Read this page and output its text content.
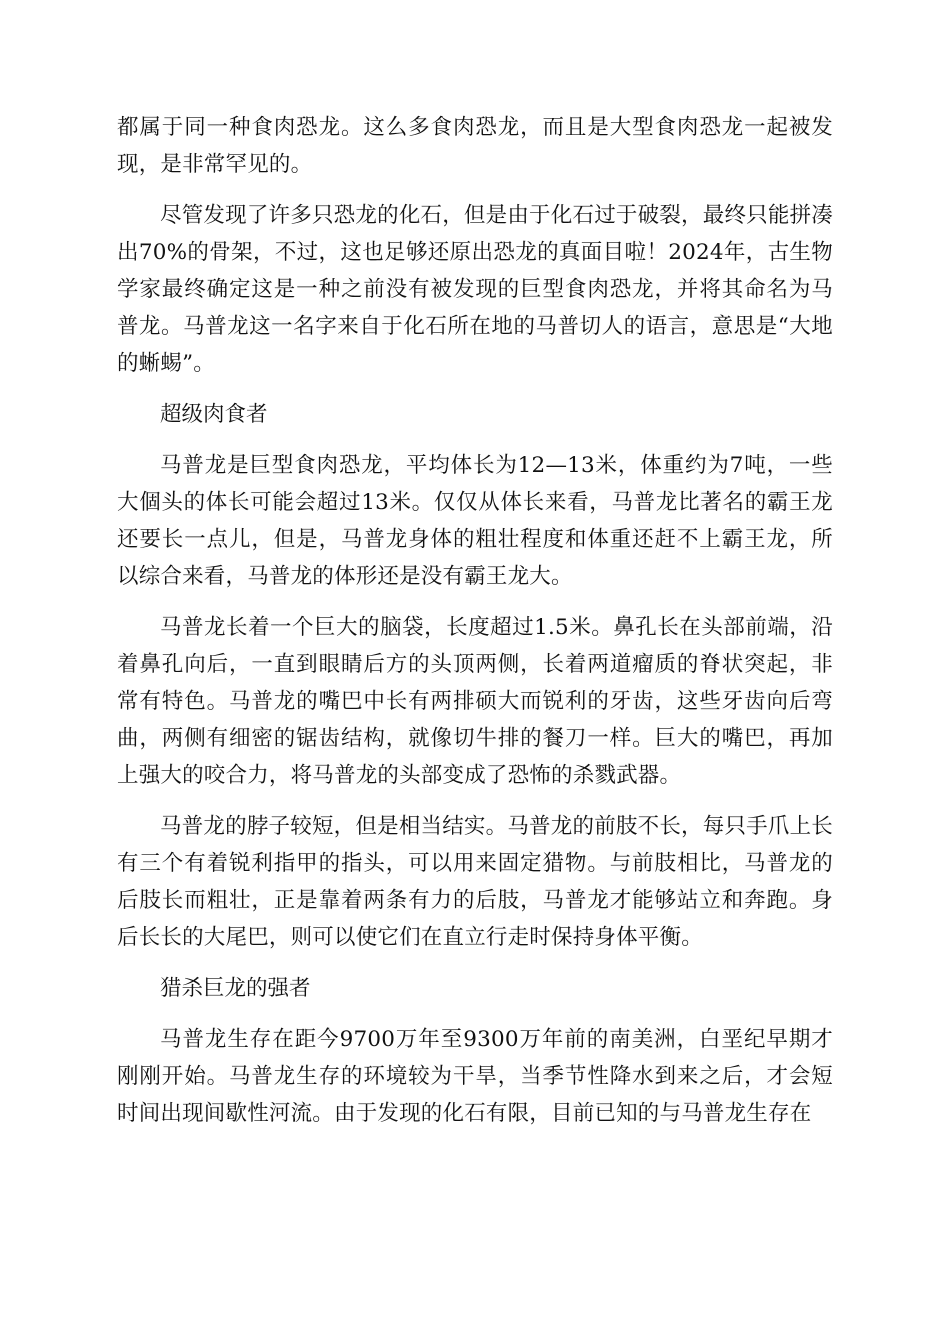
都属于同一种食肉恐龙。这么多食肉恐龙，而且是大型食肉恐龙一起被发现，是非常罕见的。

尽管发现了许多只恐龙的化石，但是由于化石过于破裂，最终只能拼凑出70%的骨架，不过，这也足够还原出恐龙的真面目啦！2024年，古生物学家最终确定这是一种之前没有被发现的巨型食肉恐龙，并将其命名为马普龙。马普龙这一名字来自于化石所在地的马普切人的语言，意思是“大地的蜥蜴”。

超级肉食者

马普龙是巨型食肉恐龙，平均体长为12—13米，体重约为7吨，一些大個头的体长可能会超过13米。仅仅从体长来看，马普龙比著名的霸王龙还要长一点儿，但是，马普龙身体的粗壮程度和体重还赶不上霸王龙，所以综合来看，马普龙的体形还是没有霸王龙大。

马普龙长着一个巨大的脑袋，长度超过1.5米。鼻孔长在头部前端，沿着鼻孔向后，一直到眼睛后方的头顶两侧，长着两道瘤质的脊状突起，非常有特色。马普龙的嘴巴中长有两排硕大而锐利的牙齿，这些牙齿向后弯曲，两侧有细密的锯齿结构，就像切牛排的餐刀一样。巨大的嘴巴，再加上强大的咬合力，将马普龙的头部变成了恐怖的杀戮武器。

马普龙的脖子较短，但是相当结实。马普龙的前肢不长，每只手爪上长有三个有着锐利指甲的指头，可以用来固定猎物。与前肢相比，马普龙的后肢长而粗壮，正是靠着两条有力的后肢，马普龙才能够站立和奔跑。身后长长的大尾巴，则可以使它们在直立行走时保持身体平衡。

猎杀巨龙的强者

马普龙生存在距今9700万年至9300万年前的南美洲，白垩纪早期才刚刚开始。马普龙生存的环境较为干旱，当季节性降水到来之后，才会短时间出现间歇性河流。由于发现的化石有限，目前已知的与马普龙生存在
